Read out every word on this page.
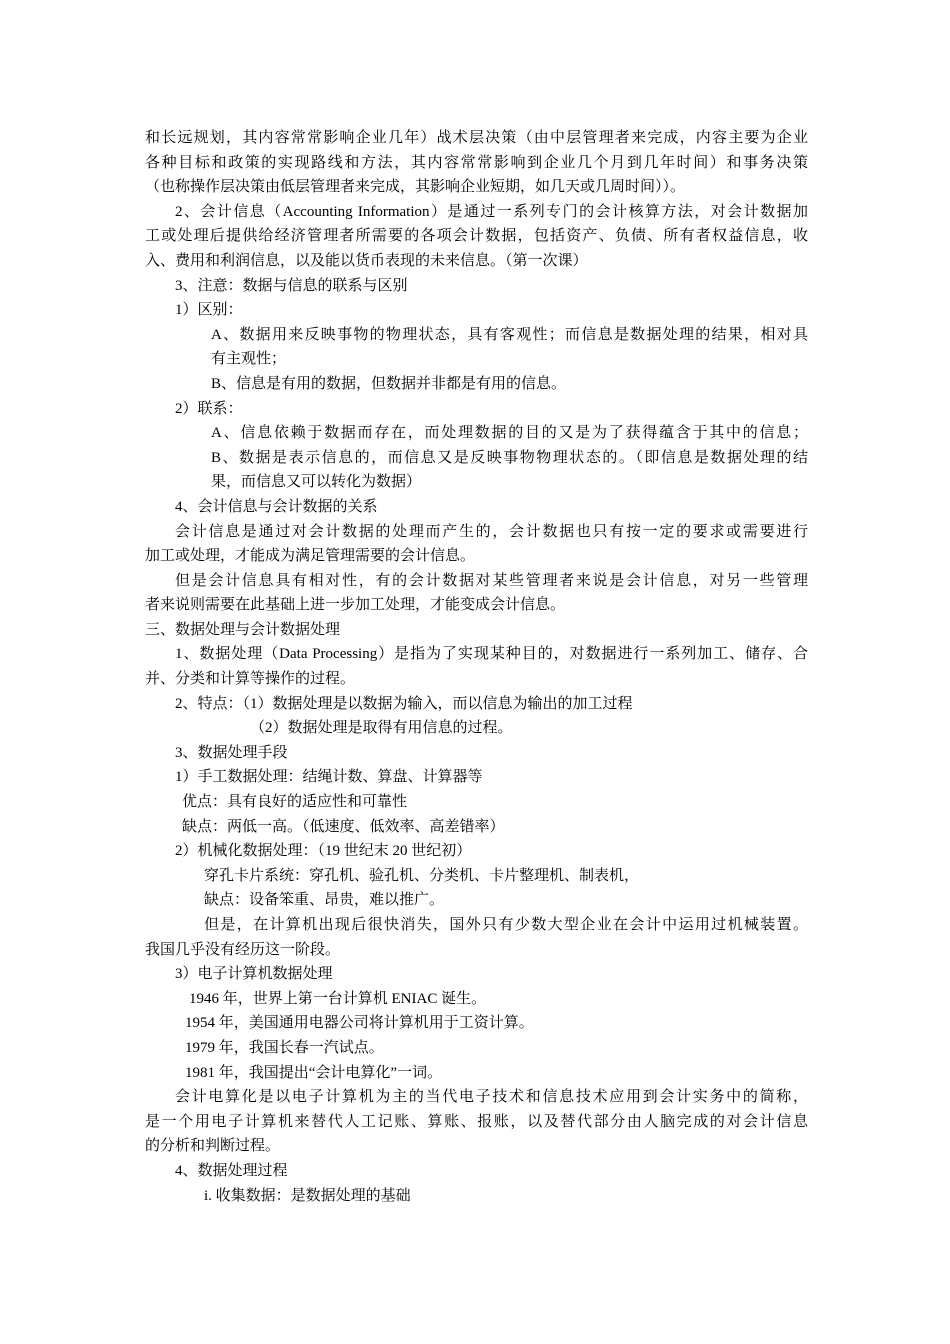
和长远规划，其内容常常影响企业几年）战术层决策（由中层管理者来完成，内容主要为企业
各种目标和政策的实现路线和方法，其内容常常影响到企业几个月到几年时间）和事务决策
（也称操作层决策由低层管理者来完成，其影响企业短期，如几天或几周时间））。
2、会计信息（Accounting Information）是通过一系列专门的会计核算方法，对会计数据加
工或处理后提供给经济管理者所需要的各项会计数据，包括资产、负债、所有者权益信息，收
入、费用和利润信息，以及能以货币表现的未来信息。（第一次课）
3、注意：数据与信息的联系与区别
1）区别：
A、数据用来反映事物的物理状态，具有客观性；而信息是数据处理的结果，相对具
有主观性；
B、信息是有用的数据，但数据并非都是有用的信息。
2）联系：
A、信息依赖于数据而存在，而处理数据的目的又是为了获得蕴含于其中的信息；
B、数据是表示信息的，而信息又是反映事物物理状态的。（即信息是数据处理的结
果，而信息又可以转化为数据）
4、会计信息与会计数据的关系
会计信息是通过对会计数据的处理而产生的，会计数据也只有按一定的要求或需要进行
加工或处理，才能成为满足管理需要的会计信息。
但是会计信息具有相对性，有的会计数据对某些管理者来说是会计信息，对另一些管理
者来说则需要在此基础上进一步加工处理，才能变成会计信息。
三、数据处理与会计数据处理
1、数据处理（Data Processing）是指为了实现某种目的，对数据进行一系列加工、储存、合
并、分类和计算等操作的过程。
2、特点：（1）数据处理是以数据为输入，而以信息为输出的加工过程
（2）数据处理是取得有用信息的过程。
3、数据处理手段
1）手工数据处理：结绳计数、算盘、计算器等
优点：具有良好的适应性和可靠性
缺点：两低一高。（低速度、低效率、高差错率）
2）机械化数据处理：（19 世纪末 20 世纪初）
穿孔卡片系统：穿孔机、验孔机、分类机、卡片整理机、制表机，
缺点：设备笨重、昂贵，难以推广。
但是，在计算机出现后很快消失，国外只有少数大型企业在会计中运用过机械装置。
我国几乎没有经历这一阶段。
3）电子计算机数据处理
1946 年，世界上第一台计算机 ENIAC 诞生。
1954 年，美国通用电器公司将计算机用于工资计算。
1979 年，我国长春一汽试点。
1981 年，我国提出“会计电算化”一词。
会计电算化是以电子计算机为主的当代电子技术和信息技术应用到会计实务中的简称，
是一个用电子计算机来替代人工记账、算账、报账，以及替代部分由人脑完成的对会计信息
的分析和判断过程。
4、数据处理过程
i. 收集数据：是数据处理的基础
